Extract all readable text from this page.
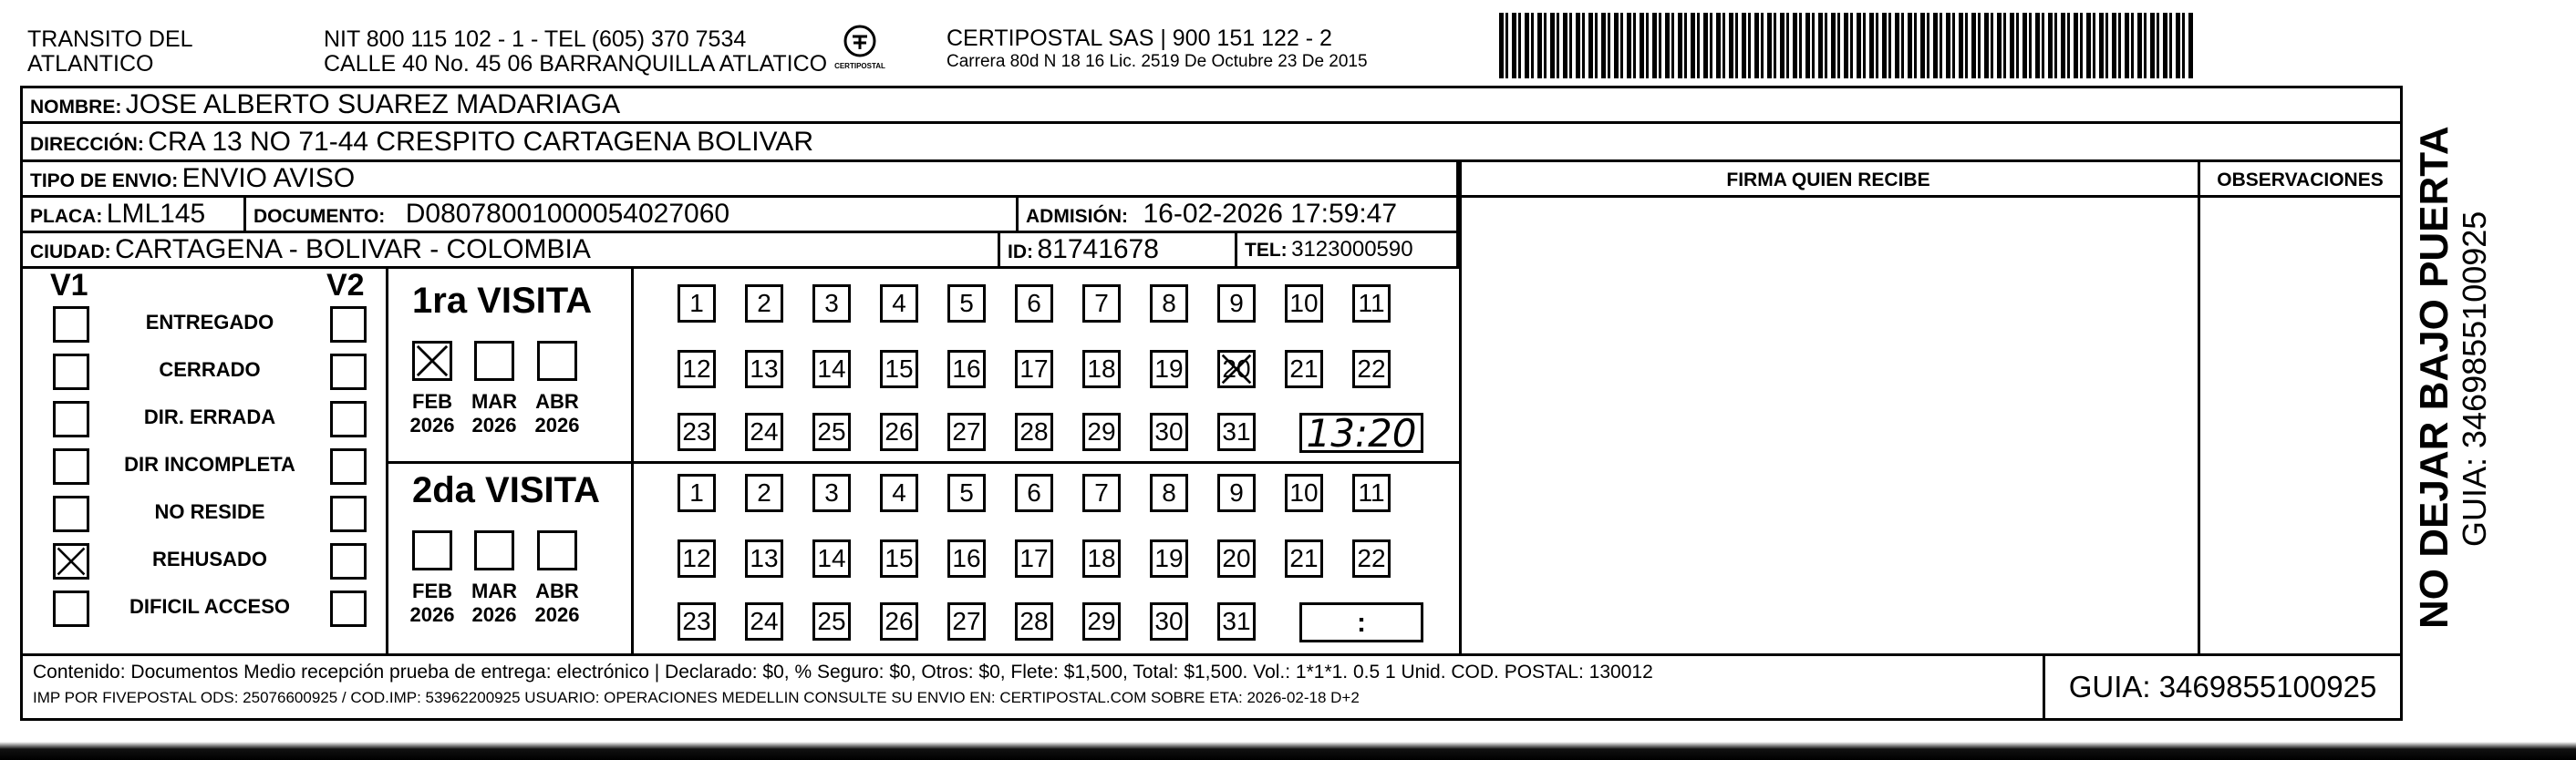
TRANSITO DEL
ATLANTICO
NIT 800 115 102 - 1 - TEL (605) 370 7534
CALLE 40 No. 45 06 BARRANQUILLA ATLATICO CERTIPOSTAL
CERTIPOSTAL SAS | 900 151 122 - 2
Carrera 80d N 18 16 Lic. 2519 De Octubre 23 De 2015
NOMBRE: JOSE ALBERTO SUAREZ MADARIAGA
DIRECCIÓN: CRA 13 NO 71-44 CRESPITO CARTAGENA BOLIVAR
TIPO DE ENVIO: ENVIO AVISO	FIRMA QUIEN RECIBE	OBSERVACIONES
PLACA: LML145	DOCUMENTO: D08078001000054027060	ADMISIÓN: 16-02-2026 17:59:47
CIUDAD: CARTAGENA - BOLIVAR - COLOMBIA	ID: 81741678	TEL: 3123000590
V1	V2
ENTREGADO
CERRADO
DIR. ERRADA
DIR INCOMPLETA
NO RESIDE
REHUSADO
DIFICIL ACCESO
1ra VISITA
FEB
2026
MAR
2026
ABR
2026
1	2	3	4	5	6	7	8	9	10 11
12 13 14 15 16 17 18 19 20 21 22
23 24 25 26 27 28 29 30 31 13:20
2da VISITA
FEB
2026
MAR
2026
ABR
2026
1	2	3	4	5	6	7	8	9	10 11
12 13 14 15 16 17 18 19 20 21 22
23 24 25 26 27 28 29 30 31	:
Contenido: Documentos Medio recepción prueba de entrega: electrónico | Declarado: $0, % Seguro: $0, Otros: $0, Flete: $1,500, Total: $1,500. Vol.: 1*1*1. 0.5 1 Unid. COD. POSTAL: 130012
IMP POR FIVEPOSTAL ODS: 25076600925 / COD.IMP: 53962200925 USUARIO: OPERACIONES MEDELLIN CONSULTE SU ENVIO EN: CERTIPOSTAL.COM SOBRE ETA: 2026-02-18 D+2	GUIA: 3469855100925
NO DEJAR BAJO PUERTA GUIA: 3469855100925
